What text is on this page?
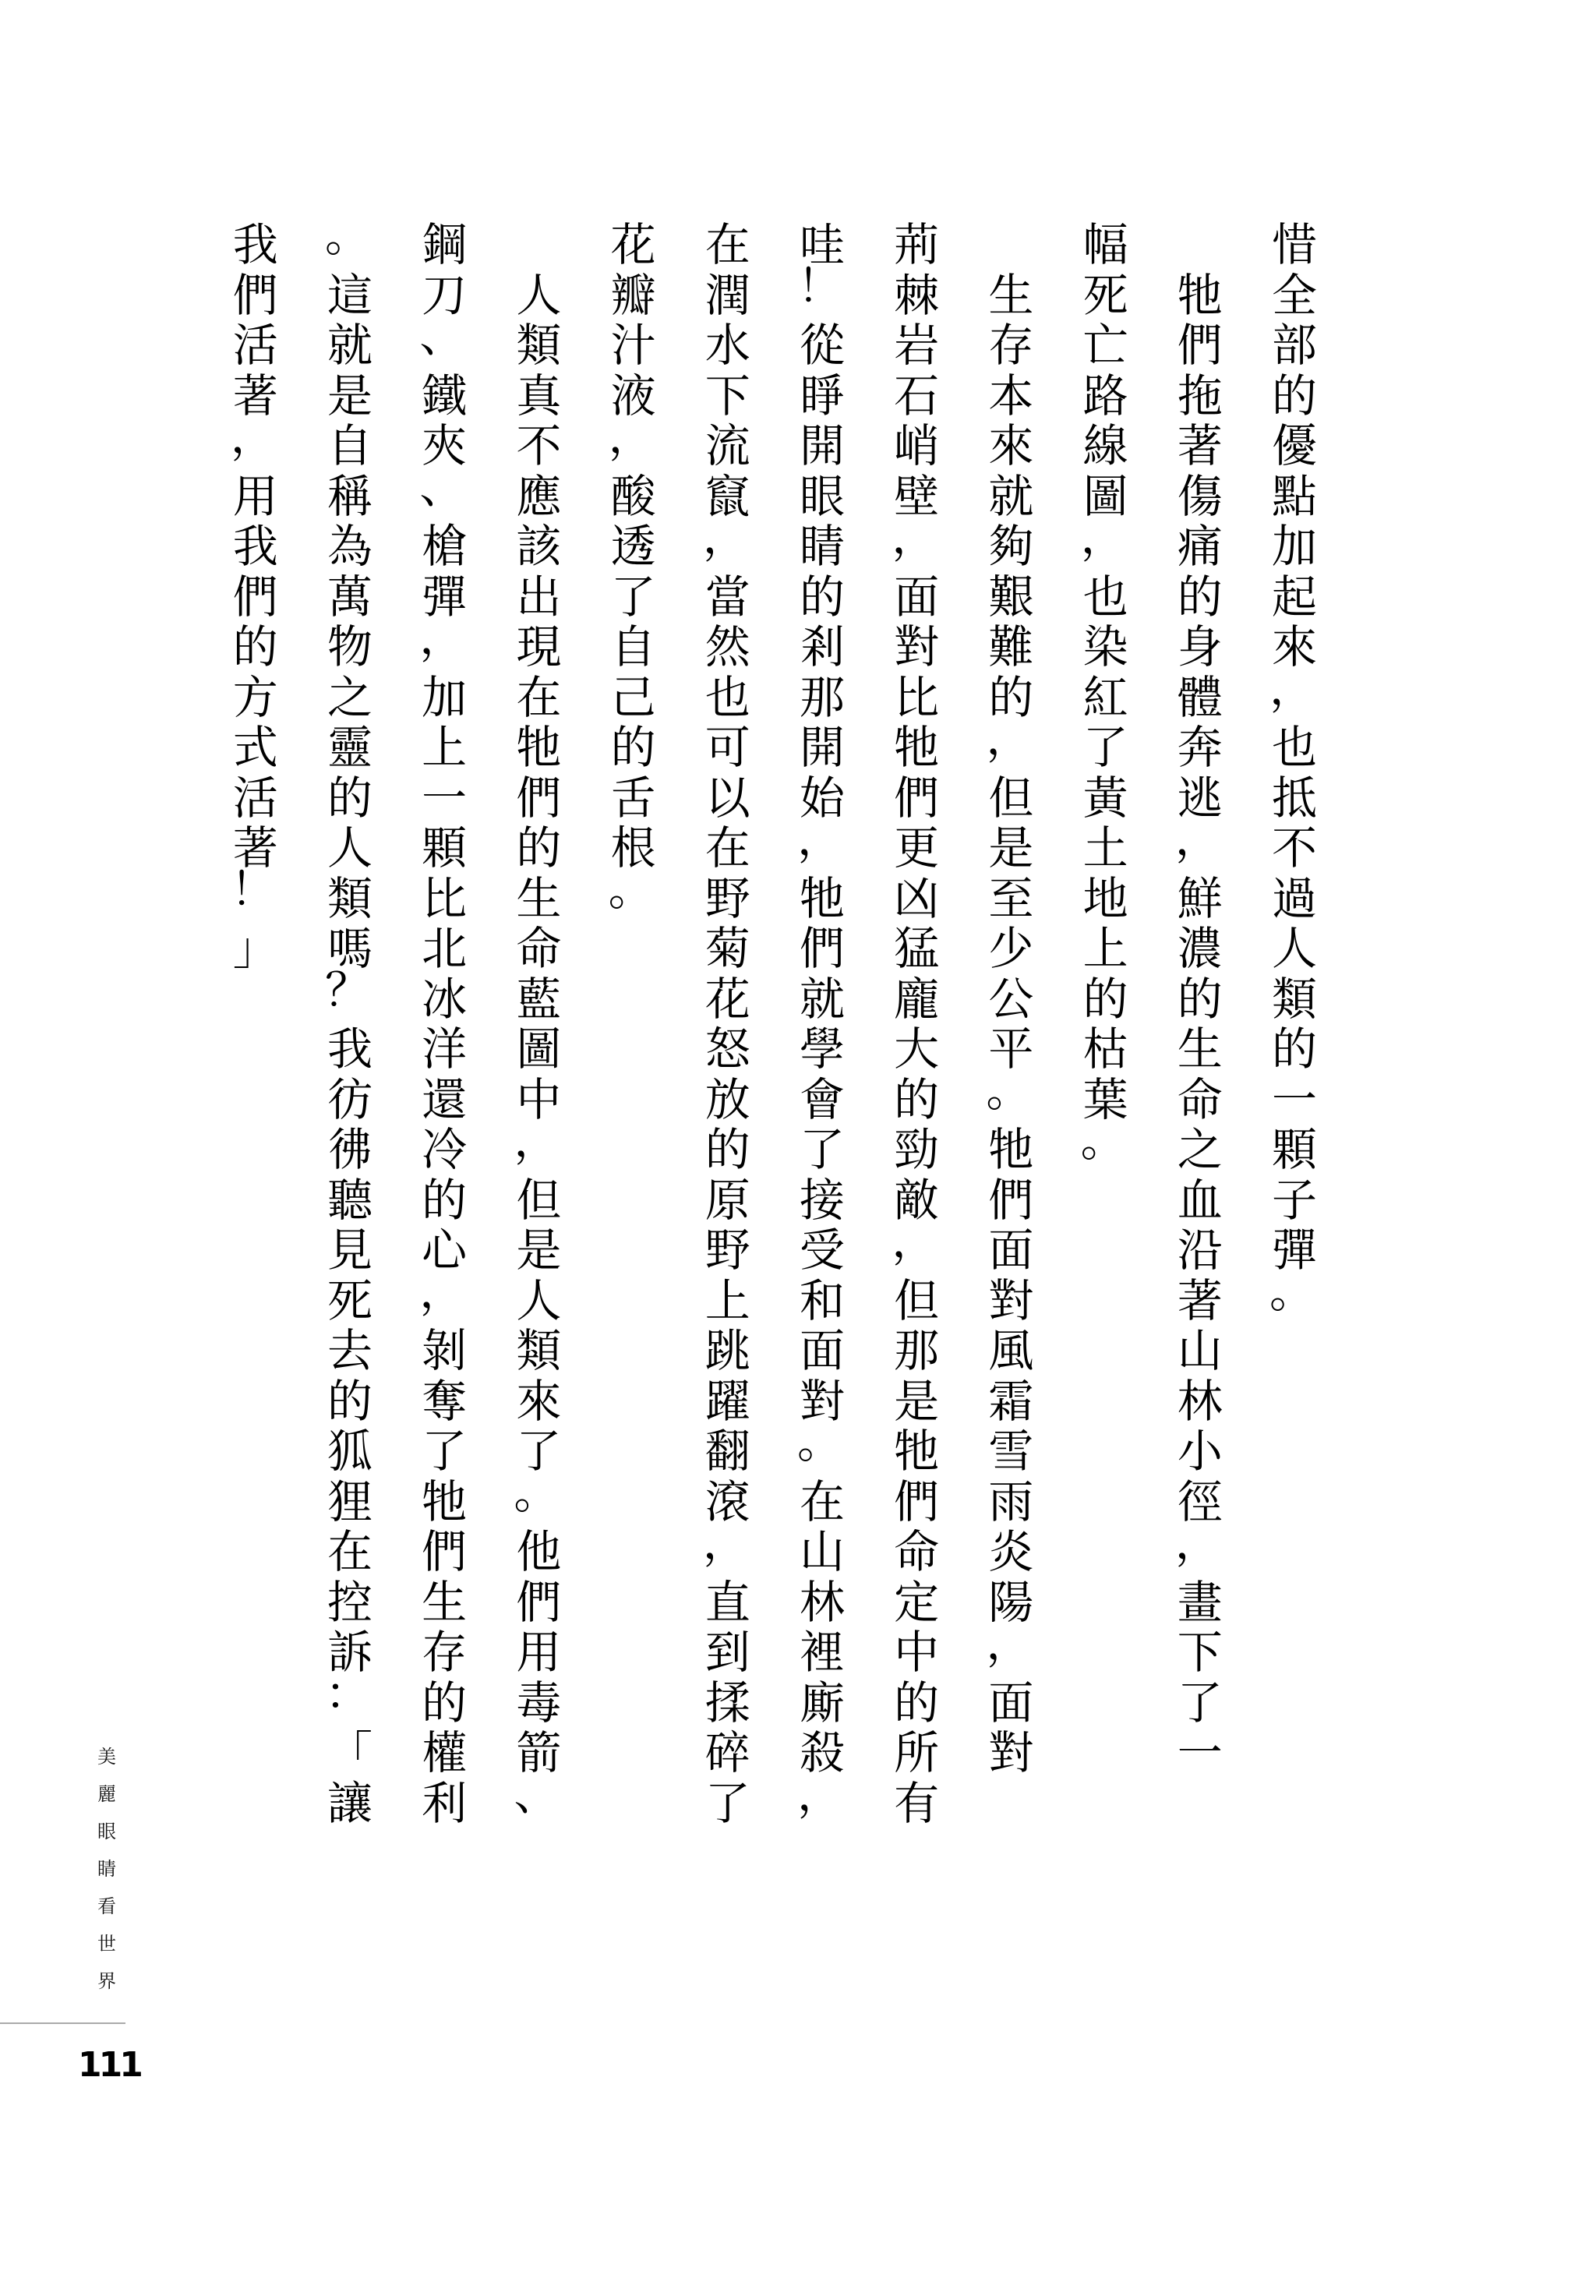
惜
全
部
的
優
點
加
起
來
，
也
抵
不
過
人
類
的
一
顆
子
彈
。
牠
們
拖
著
傷
痛
的
身
體
奔
逃
，
鮮
濃
的
生
命
之
血
沿
著
山
林
小
徑
，
畫
下
了
一
幅
死
亡
路
線
圖
，
也
染
紅
了
黃
土
地
上
的
枯
葉
。
生
存
本
來
就
夠
艱
難
的
，
但
是
至
少
公
平
。
牠
們
面
對
風
霜
雪
雨
炎
陽
，
面
對
荊
棘
岩
石
峭
壁
，
面
對
比
牠
們
更
凶
猛
龐
大
的
勁
敵
，
但
那
是
牠
們
命
定
中
的
所
有
哇
！
從
睜
開
眼
睛
的
剎
那
開
始
，
牠
們
就
學
會
了
接
受
和
面
對
。
在
山
林
裡
廝
殺
，
在
潤
水
下
流
竄
，
當
然
也
可
以
在
野
菊
花
怒
放
的
原
野
上
跳
躍
翻
滾
，
直
到
揉
碎
了
花
瓣
汁
液
，
酸
透
了
自
己
的
舌
根
。
人
類
真
不
應
該
出
現
在
牠
們
的
生
命
藍
圖
中
，
但
是
人
類
來
了
。
他
們
用
毒
箭
、
鋼
刀
、
鐵
夾
、
槍
彈
，
加
上
一
顆
比
北
冰
洋
還
冷
的
心
，
剝
奪
了
牠
們
生
存
的
權
利
。
這
就
是
自
稱
為
萬
物
之
靈
的
人
類
嗎
？
我
彷
彿
聽
見
死
去
的
狐
狸
在
控
訴
：
「
讓
我
們
活
著
，
用
我
們
的
方
式
活
著
！
」
美
麗
眼
睛
看
世
界
111
